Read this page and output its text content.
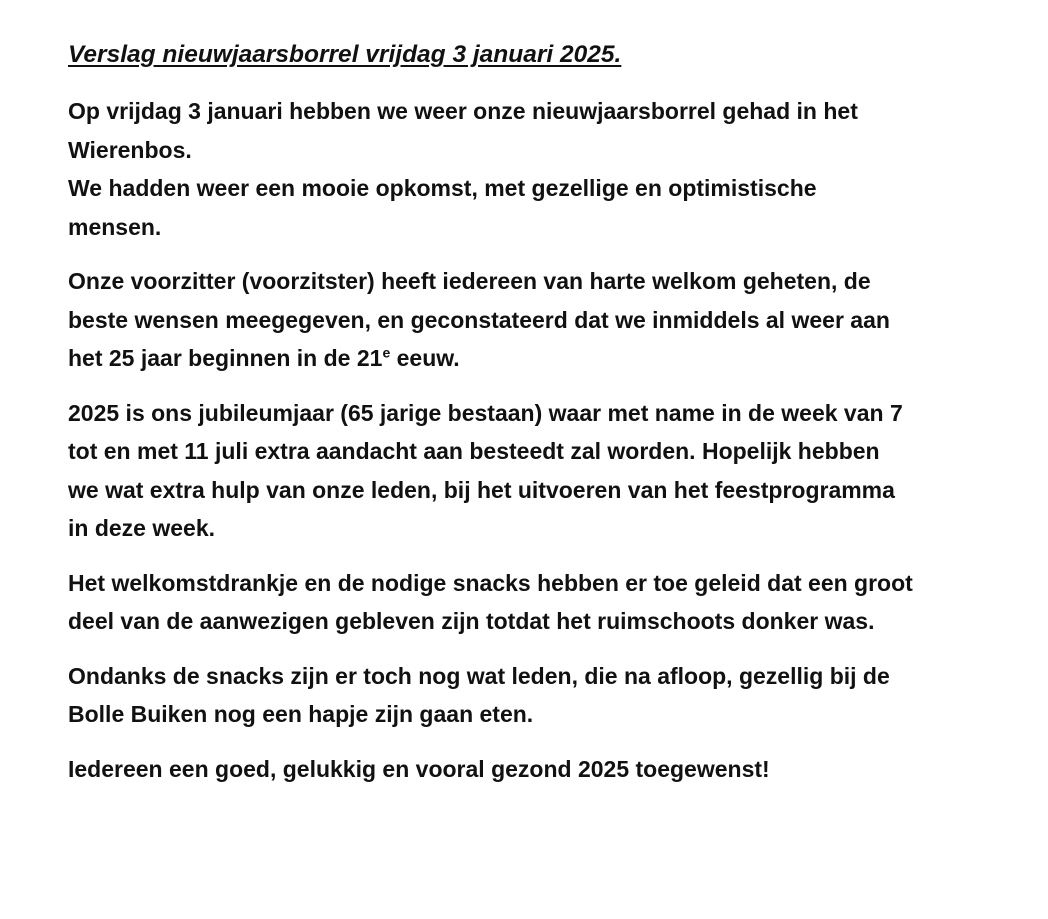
Verslag nieuwjaarsborrel vrijdag 3 januari 2025.
Op vrijdag 3 januari hebben we weer onze nieuwjaarsborrel gehad in het
Wierenbos.
We hadden weer een mooie opkomst, met gezellige en optimistische
mensen.
Onze voorzitter (voorzitster) heeft iedereen van harte welkom geheten, de
beste wensen meegegeven, en geconstateerd dat we inmiddels al weer aan
het 25 jaar beginnen in de 21e eeuw.
2025 is ons jubileumjaar (65 jarige bestaan) waar met name in de week van 7
tot en met 11 juli extra aandacht aan besteedt zal worden. Hopelijk hebben
we wat extra hulp van onze leden, bij het uitvoeren van het feestprogramma
in deze week.
Het welkomstdrankje en de nodige snacks hebben er toe geleid dat een groot
deel van de aanwezigen gebleven zijn totdat het ruimschoots donker was.
Ondanks de snacks zijn er toch nog wat leden, die na afloop, gezellig bij de
Bolle Buiken nog een hapje zijn gaan eten.
Iedereen een goed, gelukkig en vooral gezond 2025 toegewenst!
